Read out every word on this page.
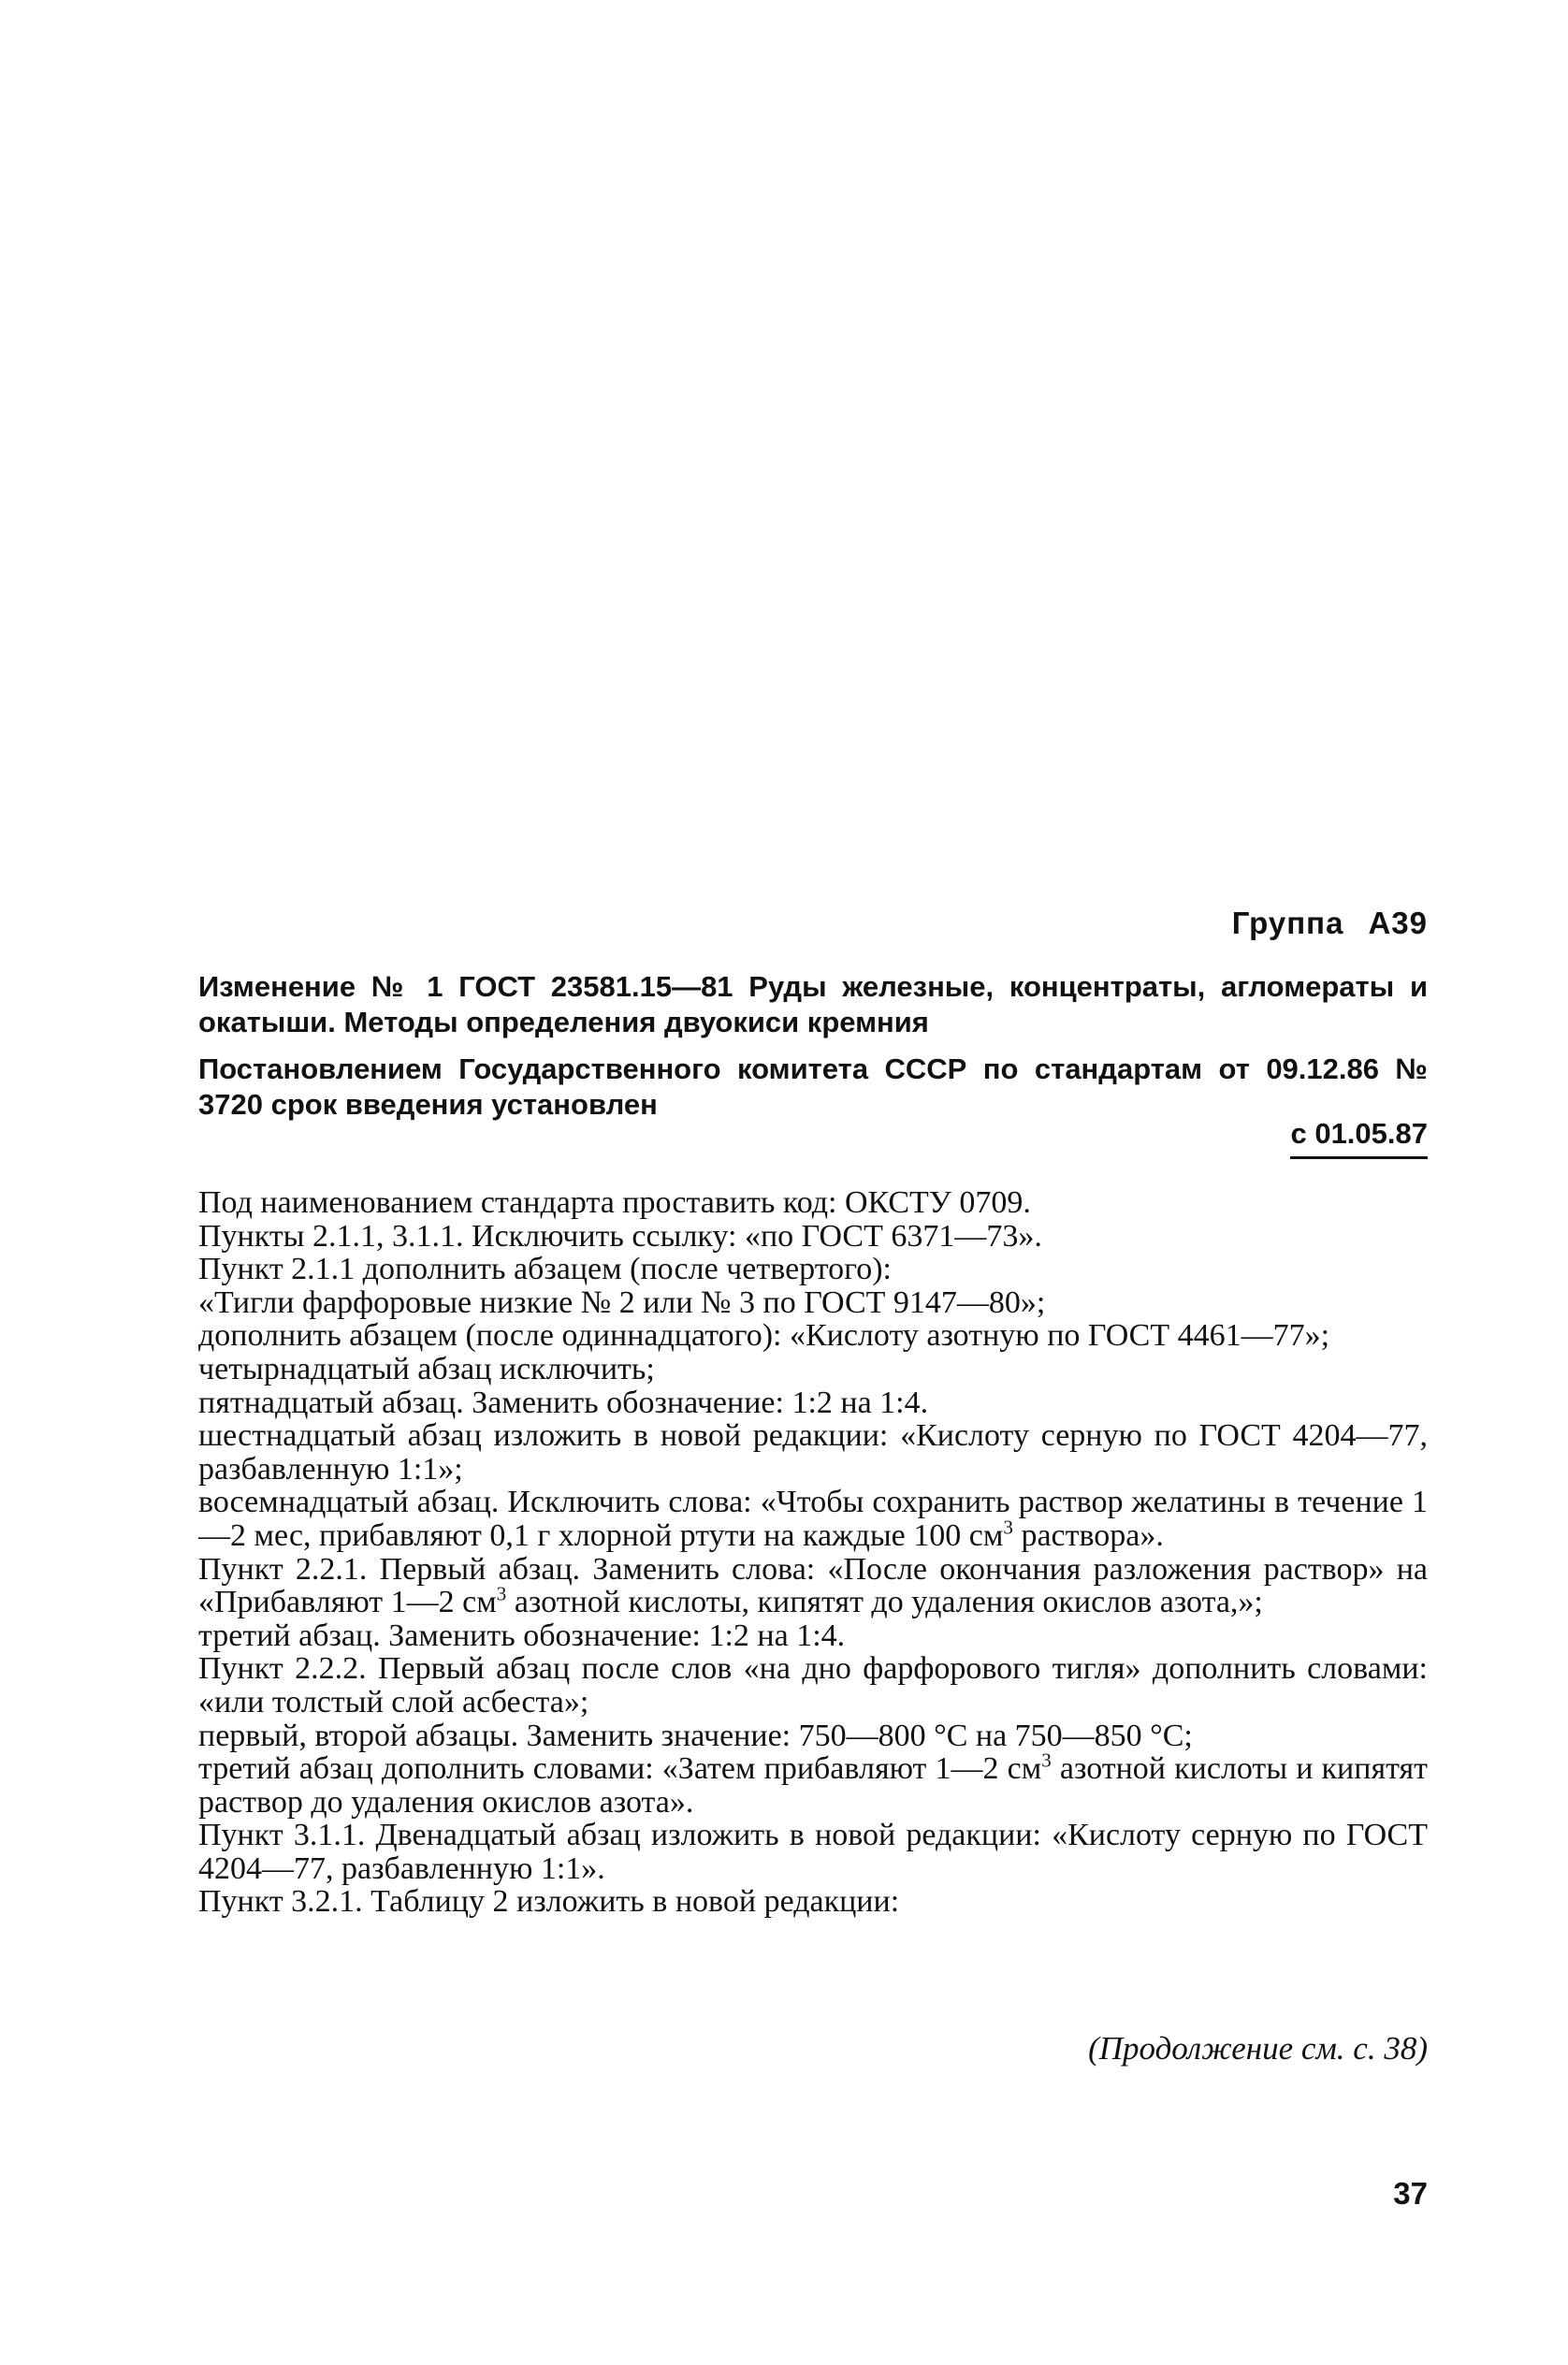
Группа А39
Изменение № 1 ГОСТ 23581.15—81 Руды железные, концентраты, агломераты и окатыши. Методы определения двуокиси кремния
Постановлением Государственного комитета СССР по стандартам от 09.12.86 № 3720 срок введения установлен
с 01.05.87

Под наименованием стандарта проставить код: ОКСТУ 0709.

Пункты 2.1.1, 3.1.1. Исключить ссылку: «по ГОСТ 6371—73».

Пункт 2.1.1 дополнить абзацем (после четвертого):

«Тигли фарфоровые низкие № 2 или № 3 по ГОСТ 9147—80»;

дополнить абзацем (после одиннадцатого): «Кислоту азотную по ГОСТ 4461—77»;

четырнадцатый абзац исключить;

пятнадцатый абзац. Заменить обозначение: 1:2 на 1:4.

шестнадцатый абзац изложить в новой редакции: «Кислоту серную по ГОСТ 4204—77, разбавленную 1:1»;

восемнадцатый абзац. Исключить слова: «Чтобы сохранить раствор желатины в течение 1—2 мес, прибавляют 0,1 г хлорной ртути на каждые 100 $см^3$ раствора».

Пункт 2.2.1. Первый абзац. Заменить слова: «После окончания разложения раствор» на «Прибавляют 1—2 $см^3$ азотной кислоты, кипятят до удаления окислов азота,»;

третий абзац. Заменить обозначение: 1:2 на 1:4.

Пункт 2.2.2. Первый абзац после слов «на дно фарфорового тигля» дополнить словами: «или толстый слой асбеста»;

первый, второй абзацы. Заменить значение: 750—800 °С на 750—850 °С;

третий абзац дополнить словами: «Затем прибавляют 1—2 $см^3$ азотной кислоты и кипятят раствор до удаления окислов азота».

Пункт 3.1.1. Двенадцатый абзац изложить в новой редакции: «Кислоту серную по ГОСТ 4204—77, разбавленную 1:1».

Пункт 3.2.1. Таблицу 2 изложить в новой редакции:

(Продолжение см. с. 38)
37
